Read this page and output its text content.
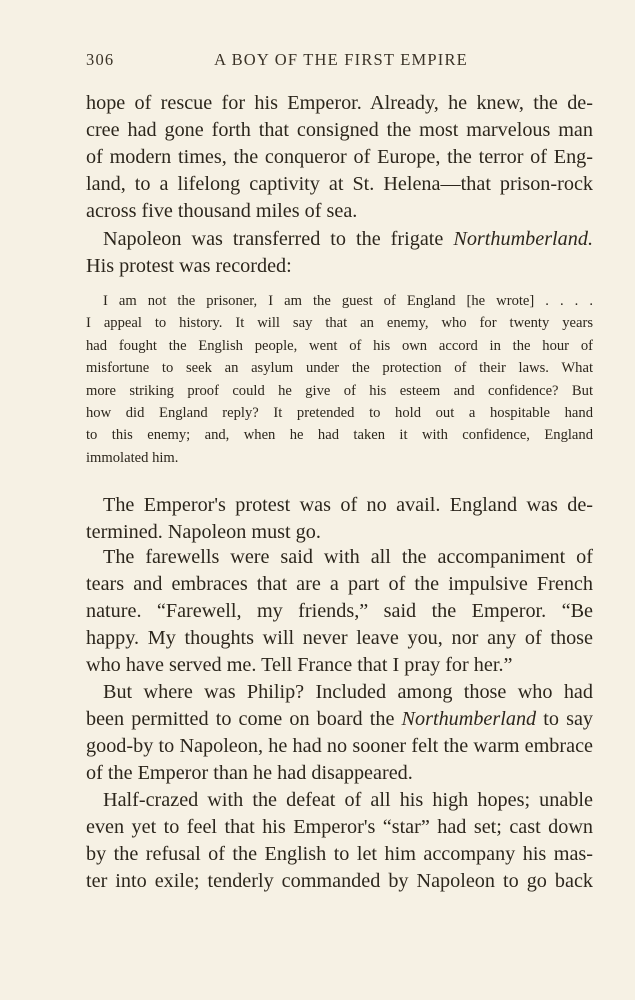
306	A BOY OF THE FIRST EMPIRE
hope of rescue for his Emperor. Already, he knew, the de-
cree had gone forth that consigned the most marvelous man
of modern times, the conqueror of Europe, the terror of Eng-
land, to a lifelong captivity at St. Helena—that prison-rock
across five thousand miles of sea.
Napoleon was transferred to the frigate Northumberland.
His protest was recorded:
I am not the prisoner, I am the guest of England [he wrote] . . . .
I appeal to history. It will say that an enemy, who for twenty years
had fought the English people, went of his own accord in the hour of
misfortune to seek an asylum under the protection of their laws. What
more striking proof could he give of his esteem and confidence? But
how did England reply? It pretended to hold out a hospitable hand
to this enemy; and, when he had taken it with confidence, England
immolated him.
The Emperor's protest was of no avail. England was de-
termined. Napoleon must go.
The farewells were said with all the accompaniment of
tears and embraces that are a part of the impulsive French
nature. “Farewell, my friends,” said the Emperor. “Be
happy. My thoughts will never leave you, nor any of those
who have served me. Tell France that I pray for her.”
But where was Philip? Included among those who had
been permitted to come on board the Northumberland to say
good-by to Napoleon, he had no sooner felt the warm embrace
of the Emperor than he had disappeared.
Half-crazed with the defeat of all his high hopes; unable
even yet to feel that his Emperor's “star” had set; cast down
by the refusal of the English to let him accompany his mas-
ter into exile; tenderly commanded by Napoleon to go back
